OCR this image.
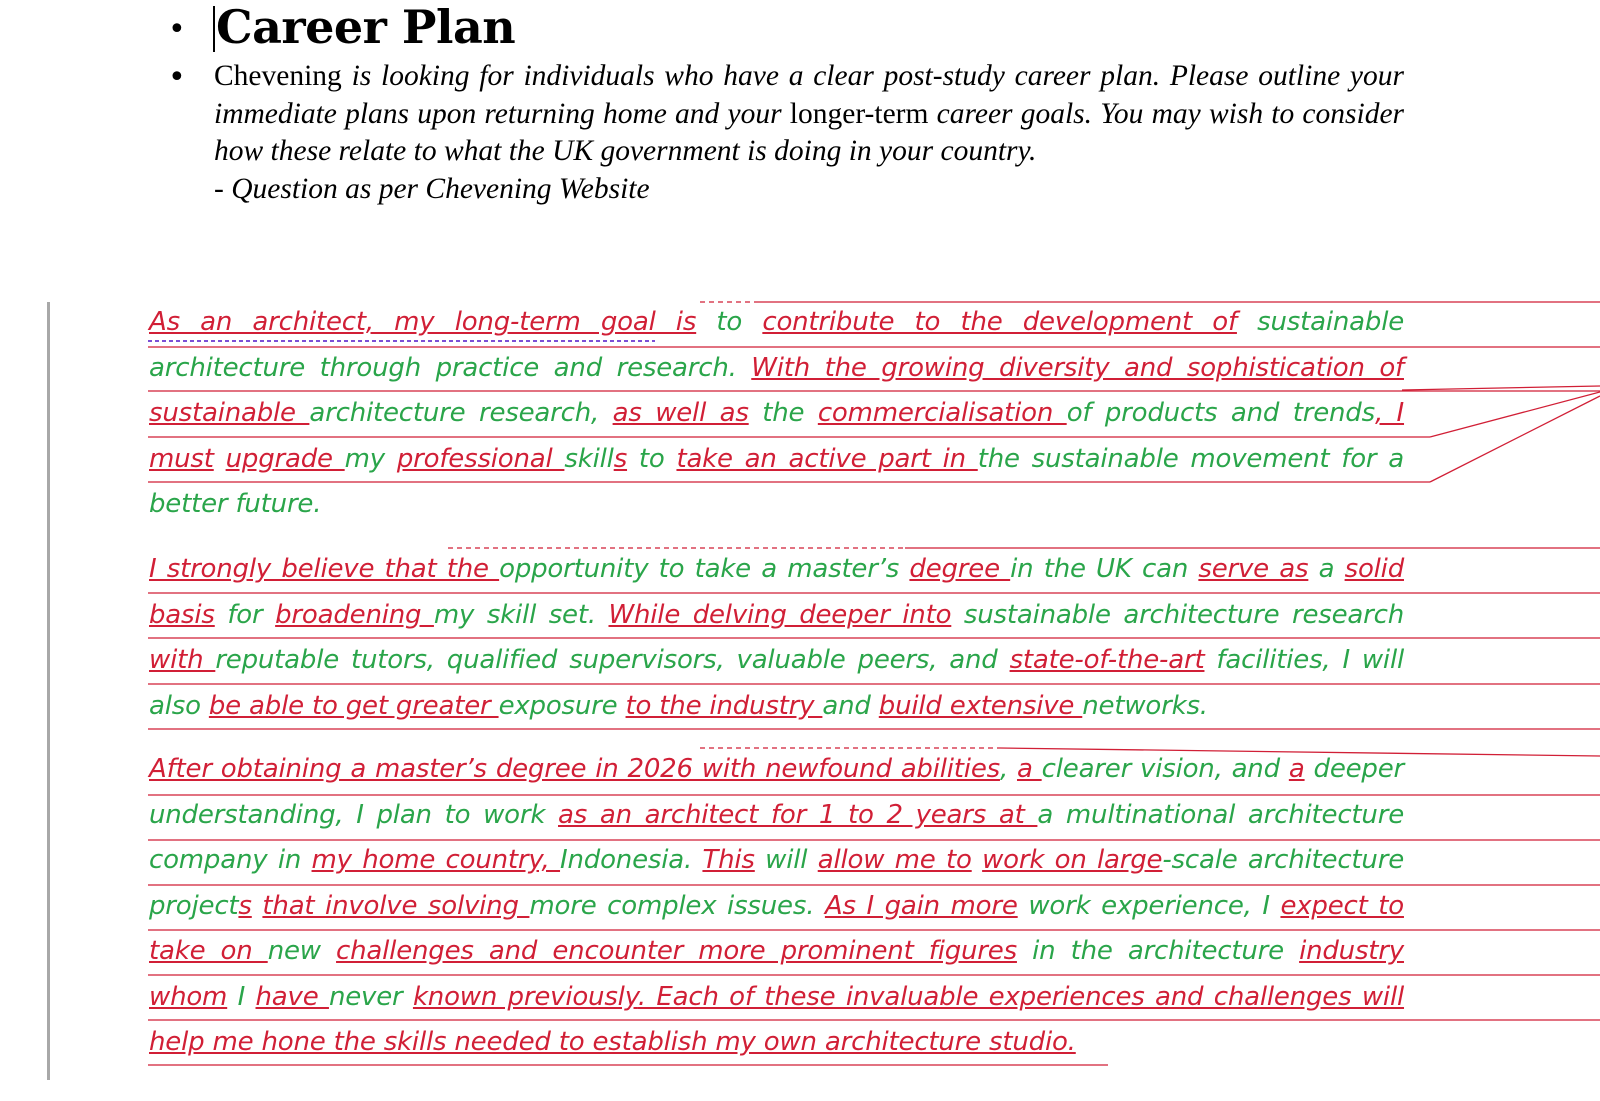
• Career Plan
• Chevening is looking for individuals who have a clear post-study career plan. Please outline your immediate plans upon returning home and your longer-term career goals. You may wish to consider how these relate to what the UK government is doing in your country.
- Question as per Chevening Website

As an architect, my long-term goal is to contribute to the development of sustainable architecture through practice and research. With the growing diversity and sophistication of sustainable architecture research, as well as the commercialisation of products and trends, I must upgrade my professional skills to take an active part in the sustainable movement for a better future.

I strongly believe that the opportunity to take a master’s degree in the UK can serve as a solid basis for broadening my skill set. While delving deeper into sustainable architecture research with reputable tutors, qualified supervisors, valuable peers, and state-of-the-art facilities, I will also be able to get greater exposure to the industry and build extensive networks.

After obtaining a master’s degree in 2026 with newfound abilities, a clearer vision, and a deeper understanding, I plan to work as an architect for 1 to 2 years at a multinational architecture company in my home country, Indonesia. This will allow me to work on large-scale architecture projects that involve solving more complex issues. As I gain more work experience, I expect to take on new challenges and encounter more prominent figures in the architecture industry whom I have never known previously. Each of these invaluable experiences and challenges will help me hone the skills needed to establish my own architecture studio.
